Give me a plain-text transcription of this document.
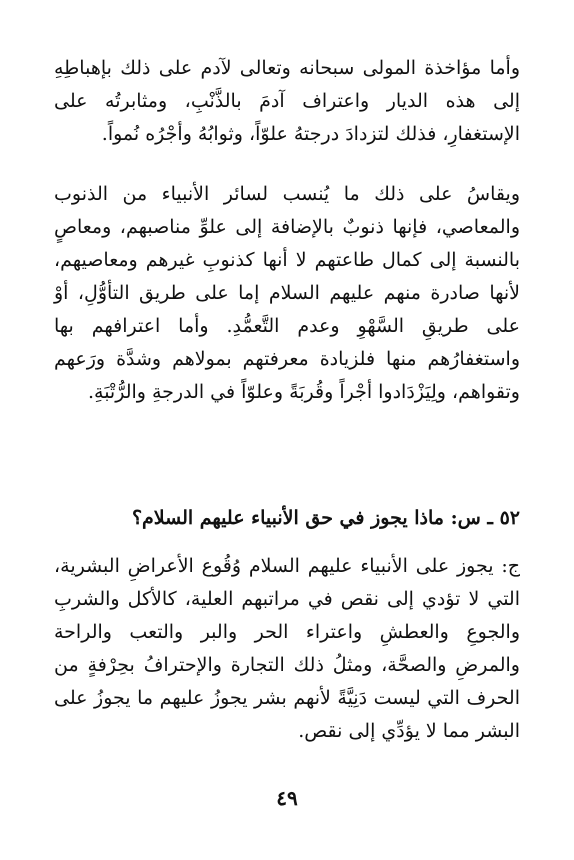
وأما مؤاخذة المولى سبحانه وتعالى لآدم على ذلك بإهباطِهِ إلى هذه الديار واعتراف آدمَ بالذَّنْبِ، ومثابرتُه على الإستغفارِ، فذلك لتزدادَ درجتهُ علوّاً، وثوابُهُ وأجْرُه نُمواً.

ويقاسُ على ذلك ما يُنسب لسائر الأنبياء من الذنوب والمعاصي، فإنها ذنوبٌ بالإضافة إلى علوِّ مناصبهم، ومعاصٍ بالنسبة إلى كمال طاعتهم لا أنها كذنوبِ غيرهم ومعاصيهم، لأنها صادرة منهم عليهم السلام إما على طريق التأوُّلِ، أوْ على طريقِ السَّهْوِ وعدم التَّعمُّدِ. وأما اعترافهم بها واستغفارُهم منها فلزيادة معرفتهم بمولاهم وشدَّة ورَعهم وتقواهم، ولِيَزْدَادوا أجْراً وقُربَةً وعلوّاً في الدرجةِ والرُّتْبَةِ.

٥٢ ـ س: ماذا يجوز في حق الأنبياء عليهم السلام؟

ج: يجوز على الأنبياء عليهم السلام وُقُوع الأعراضِ البشرية، التي لا تؤدي إلى نقص في مراتبهم العلية، كالأكل والشربِ والجوعِ والعطشِ واعتراء الحر والبر والتعب والراحة والمرضِ والصحَّة، ومثلُ ذلك التجارة والإحترافُ بحِرْفةٍ من الحرف التي ليست دَنِيَّةً لأنهم بشر يجوزُ عليهم ما يجوزُ على البشر مما لا يؤدِّي إلى نقص.

٤٩
